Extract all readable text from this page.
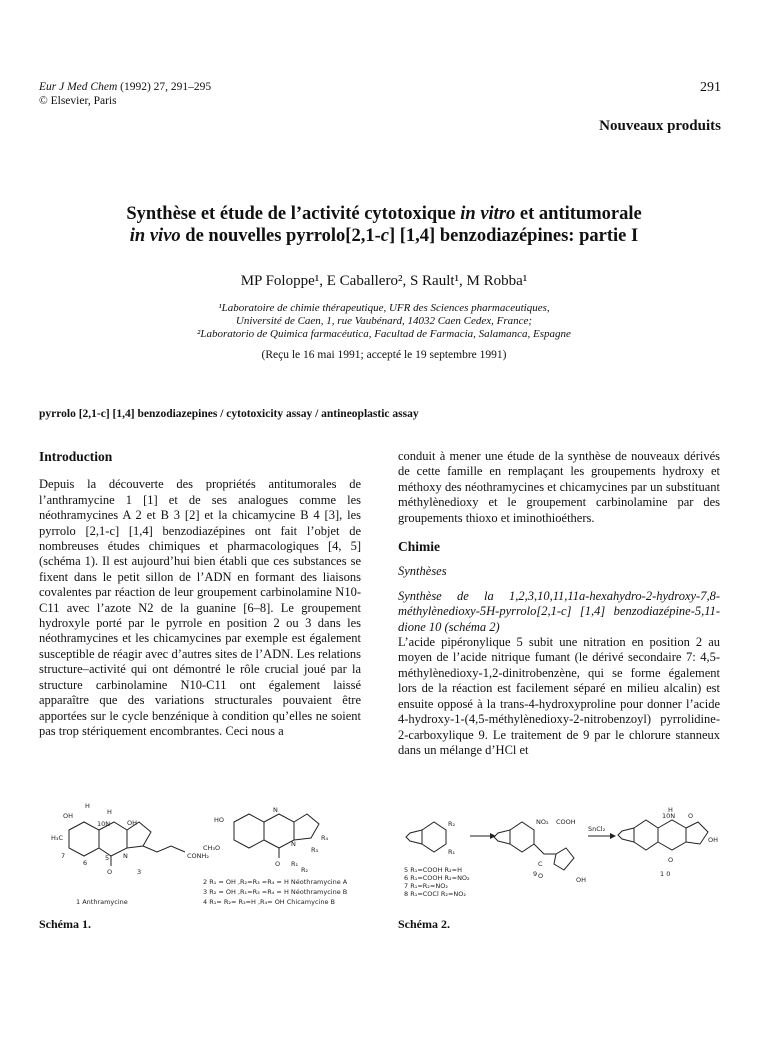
Eur J Med Chem (1992) 27, 291–295
© Elsevier, Paris
291
Nouveaux produits
Synthèse et étude de l’activité cytotoxique in vitro et antitumorale
in vivo de nouvelles pyrrolo[2,1-c] [1,4] benzodiazépines: partie I
MP Foloppe¹, E Caballero², S Rault¹, M Robba¹
¹Laboratoire de chimie thérapeutique, UFR des Sciences pharmaceutiques,
Université de Caen, 1, rue Vaubénard, 14032 Caen Cedex, France;
²Laboratorio de Quimica farmacéutica, Facultad de Farmacia, Salamanca, Espagne
(Reçu le 16 mai 1991; accepté le 19 septembre 1991)
pyrrolo [2,1-c] [1,4] benzodiazepines / cytotoxicity assay / antineoplastic assay
Introduction
Depuis la découverte des propriétés antitumorales de l’anthramycine 1 [1] et de ses analogues comme les néothramycines A 2 et B 3 [2] et la chicamycine B 4 [3], les pyrrolo [2,1-c] [1,4] benzodiazépines ont fait l’objet de nombreuses études chimiques et pharmacologiques [4, 5] (schéma 1). Il est aujourd’hui bien établi que ces substances se fixent dans le petit sillon de l’ADN en formant des liaisons covalentes par réaction de leur groupement carbinolamine N10-C11 avec l’azote N2 de la guanine [6–8]. Le groupement hydroxyle porté par le pyrrole en position 2 ou 3 dans les néothramycines et les chicamycines par exemple est également susceptible de réagir avec d’autres sites de l’ADN. Les relations structure–activité qui ont démontré le rôle crucial joué par la structure carbinolamine N10-C11 ont également laissé apparaître que des variations structurales pouvaient être apportées sur le cycle benzénique à condition qu’elles ne soient pas trop stériquement encombrantes. Ceci nous a
conduit à mener une étude de la synthèse de nouveaux dérivés de cette famille en remplaçant les groupements hydroxy et méthoxy des néothramycines et chicamycines par un substituant méthylènedioxy et le groupement carbinolamine par des groupements thioxo et iminothioéthers.
Chimie
Synthèses
Synthèse de la 1,2,3,10,11,11a-hexahydro-2-hydroxy-7,8-méthylènedioxy-5H-pyrrolo[2,1-c] [1,4] benzodiazépine-5,11-dione 10 (schéma 2)
L’acide pipéronylique 5 subit une nitration en position 2 au moyen de l’acide nitrique fumant (le dérivé secondaire 7: 4,5-méthylènedioxy-1,2-dinitrobenzène, qui se forme également lors de la réaction est facilement séparé en milieu alcalin) est ensuite opposé à la trans-4-hydroxyproline pour donner l’acide 4-hydroxy-1-(4,5-méthylènedioxy-2-nitrobenzoyl) pyrrolidine-2-carboxylique 9. Le traitement de 9 par le chlorure stanneux dans un mélange d’HCl et
OH
H
H
10N	OH
H₃C
7
6
5 N
O	3
CONH₂
1 Anthramycine
HO
CH₃O
N
N
O
R₄
R₃
R₁
R₂
2 R₁ = OH ,R₂=R₃ =R₄ = H Néothramycine A
3 R₂ = OH ,R₁=R₃ =R₄ = H Néothramycine B
4 R₁= R₂= R₃=H ,R₄= OH Chicamycine B
Schéma 1.
R₂
R₁
NO₂ COOH
C
O	OH
SnCl₂
H
10N O
OH
O
5 R₁=COOH R₂=H
6 R₁=COOH R₂=NO₂
7 R₁=R₂=NO₂
8 R₁=COCl R₂=NO₂
9	1 0
Schéma 2.
